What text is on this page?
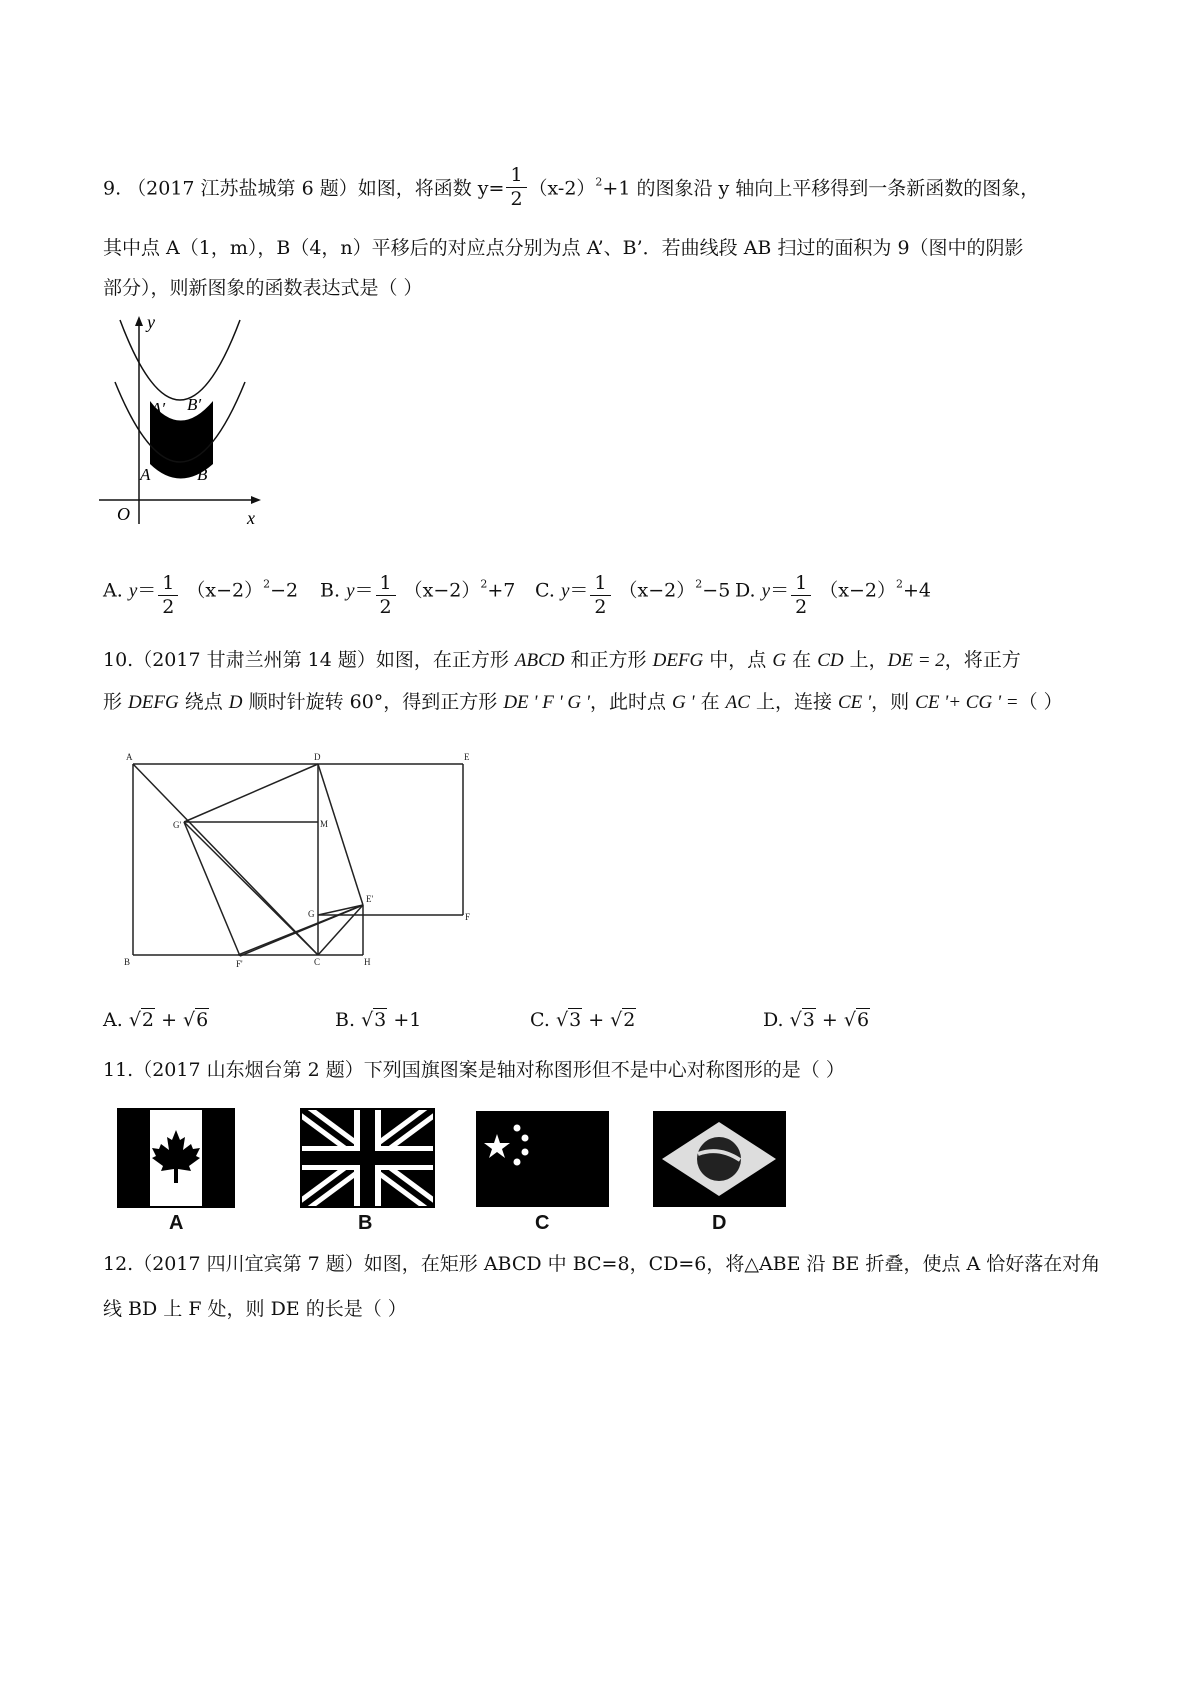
9. （2017 江苏盐城第 6 题）如图，将函数 $y= \frac{1}{2} (x-2)^2+1$ 的图象沿 y 轴向上平移得到一条新函数的图象，
其中点 A（1，m），B（4，n）平移后的对应点分别为点 A’、B’．若曲线段 AB 扫过的面积为 9（图中的阴影
部分），则新图象的函数表达式是（ ）
y
x
O
A	B
A′ B′
A. $y= \frac{1}{2} (x-2)^2-2$ B. $y= \frac{1}{2} (x-2)^2+7$ C. $y= \frac{1}{2} (x-2)^2-5$ D. $y= \frac{1}{2} (x-2)^2+4$
10.（2017 甘肃兰州第 14 题）如图，在正方形 ABCD 和正方形 DEFG 中，点 G 在 CD 上，DE = 2，将正方
形 DEFG 绕点 D 顺时针旋转 60°，得到正方形 DE ' F ' G '，此时点 G ' 在 AC 上，连接 CE '，则 CE '+ CG ' =（ ）
A	D	E
B	C	H
F
G
G'
E'
F'
M
A. √2 + √6	B. √3 +1	C. √3 + √2	D. √3 + √6
11.（2017 山东烟台第 2 题）下列国旗图案是轴对称图形但不是中心对称图形的是（ ）
A	B	C	D
12.（2017 四川宜宾第 7 题）如图，在矩形 ABCD 中 BC=8，CD=6，将△ABE 沿 BE 折叠，使点 A 恰好落在对角
线 BD 上 F 处，则 DE 的长是（ ）
